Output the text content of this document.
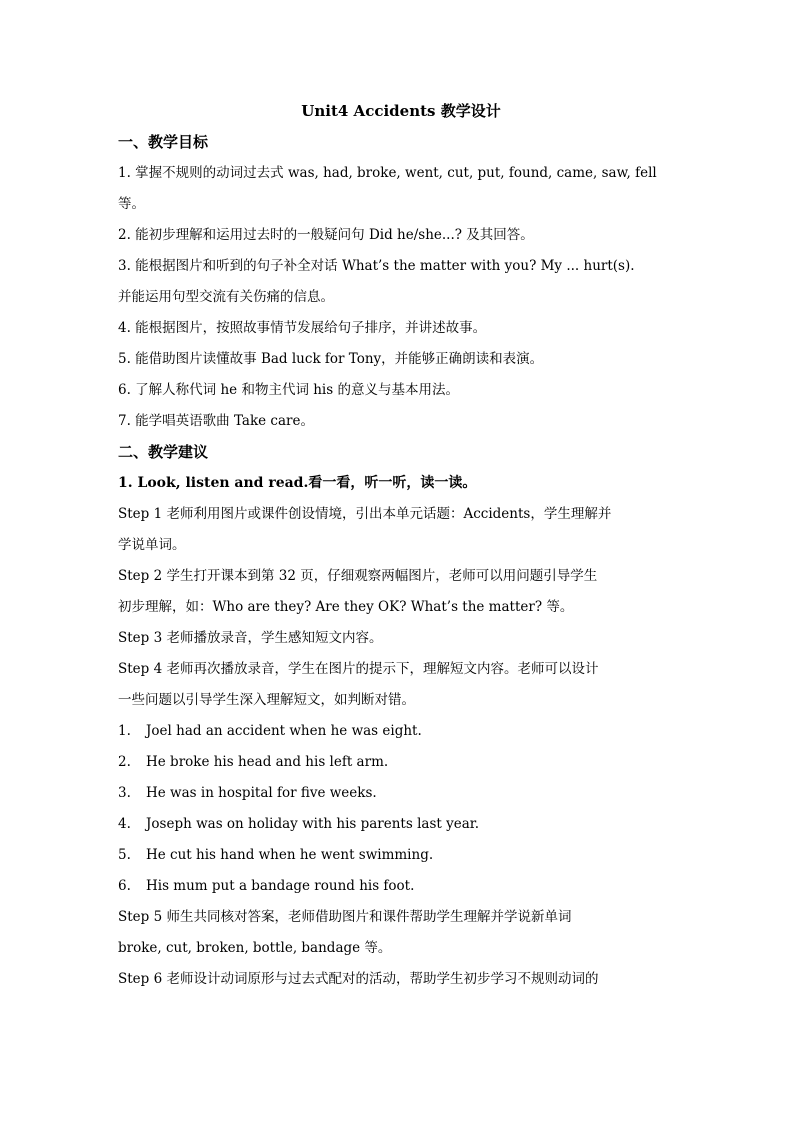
Unit4 Accidents 教学设计

一、教学目标

1. 掌握不规则的动词过去式 was, had, broke, went, cut, put, found, came, saw, fell

等。

2. 能初步理解和运用过去时的一般疑问句 Did he/she...? 及其回答。

3. 能根据图片和听到的句子补全对话 What’s the matter with you? My ... hurt(s).

并能运用句型交流有关伤痛的信息。

4. 能根据图片，按照故事情节发展给句子排序，并讲述故事。

5. 能借助图片读懂故事 Bad luck for Tony，并能够正确朗读和表演。

6. 了解人称代词 he 和物主代词 his 的意义与基本用法。

7. 能学唱英语歌曲 Take care。

二、教学建议

1. Look, listen and read.看一看，听一听，读一读。

Step 1 老师利用图片或课件创设情境，引出本单元话题：Accidents，学生理解并

学说单词。

Step 2 学生打开课本到第 32 页，仔细观察两幅图片，老师可以用问题引导学生

初步理解，如：Who are they? Are they OK? What’s the matter? 等。

Step 3 老师播放录音，学生感知短文内容。

Step 4 老师再次播放录音，学生在图片的提示下，理解短文内容。老师可以设计

一些问题以引导学生深入理解短文，如判断对错。

1. Joel had an accident when he was eight.

2. He broke his head and his left arm.

3. He was in hospital for five weeks.

4. Joseph was on holiday with his parents last year.

5. He cut his hand when he went swimming.

6. His mum put a bandage round his foot.

Step 5 师生共同核对答案，老师借助图片和课件帮助学生理解并学说新单词

broke, cut, broken, bottle, bandage 等。

Step 6 老师设计动词原形与过去式配对的活动，帮助学生初步学习不规则动词的
